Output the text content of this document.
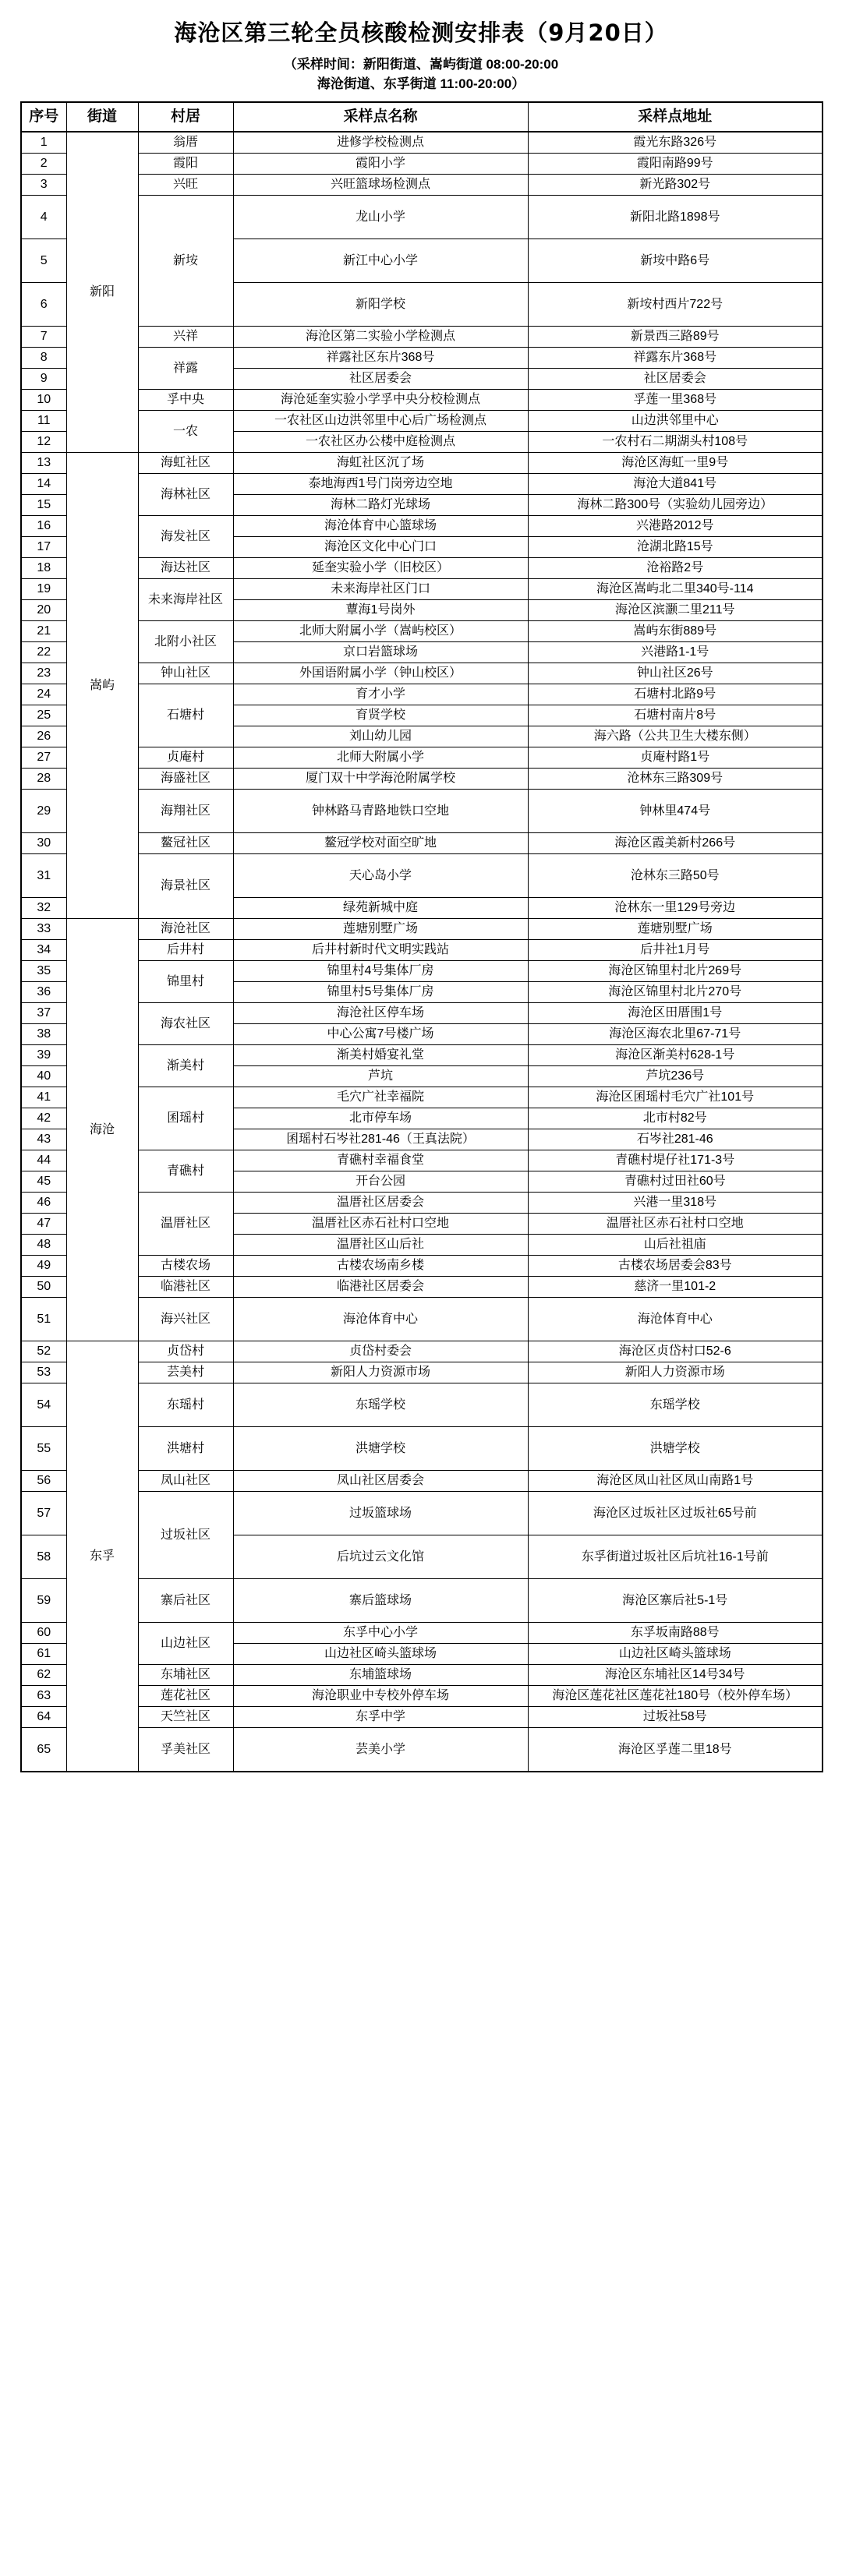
海沧区第三轮全员核酸检测安排表（9月20日）
（采样时间：新阳街道、嵩屿街道 08:00-20:00
海沧街道、东孚街道 11:00-20:00）
序号	街道	村居	采样点名称	采样点地址
1	新阳	翁厝	进修学校检测点	霞光东路326号
2		霞阳	霞阳小学	霞阳南路99号
3		兴旺	兴旺篮球场检测点	新光路302号
4		新垵	龙山小学	新阳北路1898号
5			新江中心小学	新垵中路6号
6			新阳学校	新垵村西片722号
7		兴祥	海沧区第二实验小学检测点	新景西三路89号
8		祥露	祥露社区东片368号	祥露东片368号
9			社区居委会	社区居委会
10		孚中央	海沧延奎实验小学孚中央分校检测点	孚莲一里368号
11		一农	一农社区山边洪邻里中心后广场检测点	山边洪邻里中心
12			一农社区办公楼中庭检测点	一农村石二期湖头村108号
13	嵩屿	海虹社区	海虹社区沉了场	海沧区海虹一里9号
14		海林社区	泰地海西1号门岗旁边空地	海沧大道841号
15			海林二路灯光球场	海林二路300号（实验幼儿园旁边）
16		海发社区	海沧体育中心篮球场	兴港路2012号
17			海沧区文化中心门口	沧湖北路15号
18		海达社区	延奎实验小学（旧校区）	沧裕路2号
19		未来海岸社区	未来海岸社区门口	海沧区嵩屿北二里340号-114
20			蕈海1号岗外	海沧区滨灏二里211号
21		北附小社区	北师大附属小学（嵩屿校区）	嵩屿东街889号
22			京口岩篮球场	兴港路1-1号
23		钟山社区	外国语附属小学（钟山校区）	钟山社区26号
24		石塘村	育才小学	石塘村北路9号
25			育贤学校	石塘村南片8号
26			刘山幼儿园	海六路（公共卫生大楼东侧）
27		贞庵村	北师大附属小学	贞庵村路1号
28		海盛社区	厦门双十中学海沧附属学校	沧林东三路309号
29		海翔社区	钟林路马青路地铁口空地	钟林里474号
30		鳌冠社区	鳌冠学校对面空旷地	海沧区霞美新村266号
31		海景社区	天心岛小学	沧林东三路50号
32			绿苑新城中庭	沧林东一里129号旁边
33	海沧	海沧社区	莲塘别墅广场	莲塘别墅广场
34		后井村	后井村新时代文明实践站	后井社1月号
35		锦里村	锦里村4号集体厂房	海沧区锦里村北片269号
36			锦里村5号集体厂房	海沧区锦里村北片270号
37		海农社区	海沧社区停车场	海沧区田厝围1号
38			中心公寓7号楼广场	海沧区海农北里67-71号
39		渐美村	渐美村婚宴礼堂	海沧区渐美村628-1号
40			芦坑	芦坑236号
41		囷瑶村	毛穴广社幸福院	海沧区囷瑶村毛穴广社101号
42			北市停车场	北市村82号
43			囷瑶村石岑社281-46（王真法院）	石岑社281-46
44		青礁村	青礁村幸福食堂	青礁村堤仔社171-3号
45			开台公园	青礁村过田社60号
46		温厝社区	温厝社区居委会	兴港一里318号
47			温厝社区赤石社村口空地	温厝社区赤石社村口空地
48			温厝社区山后社	山后社祖庙
49		古楼农场	古楼农场南乡楼	古楼农场居委会83号
50		临港社区	临港社区居委会	慈济一里101-2
51		海兴社区	海沧体育中心	海沧体育中心
52	东孚	贞岱村	贞岱村委会	海沧区贞岱村口52-6
53		芸美村	新阳人力资源市场	新阳人力资源市场
54		东瑶村	东瑶学校	东瑶学校
55		洪塘村	洪塘学校	洪塘学校
56		凤山社区	凤山社区居委会	海沧区凤山社区凤山南路1号
57		过坂社区	过坂篮球场	海沧区过坂社区过坂社65号前
58			后坑过云文化馆	东孚街道过坂社区后坑社16-1号前
59		寨后社区	寨后篮球场	海沧区寨后社5-1号
60		山边社区	东孚中心小学	东孚坂南路88号
61			山边社区崎头篮球场	山边社区崎头篮球场
62		东埔社区	东埔篮球场	海沧区东埔社区14号34号
63		莲花社区	海沧职业中专校外停车场	海沧区莲花社区莲花社180号（校外停车场）
64		天竺社区	东孚中学	过坂社58号
65		孚美社区	芸美小学	海沧区孚莲二里18号
